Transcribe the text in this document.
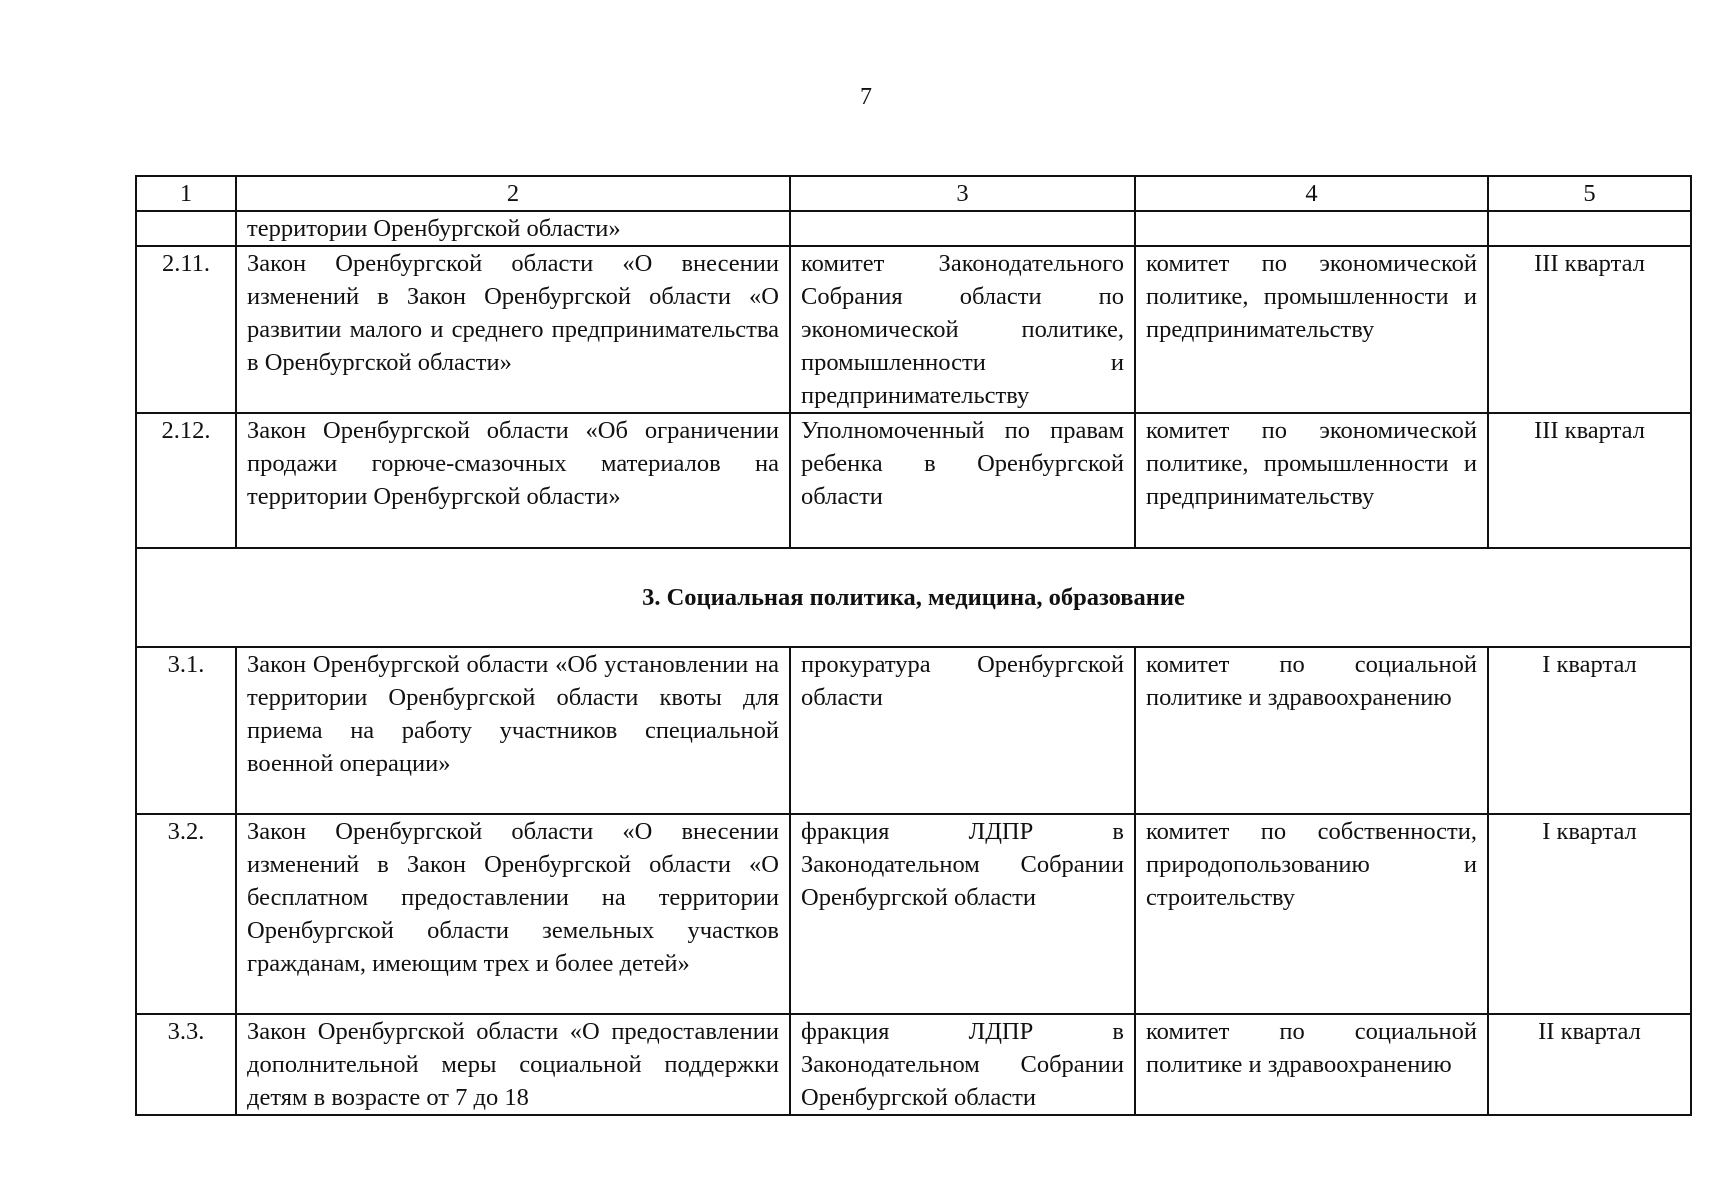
7
1	2	3	4	5
	территории Оренбургской области»			
2.11.	Закон Оренбургской области «О внесении изменений в Закон Оренбургской области «О развитии малого и среднего предпринимательства в Оренбургской области»	комитет Законодательного Собрания области по экономической политике, промышленности и предпринимательству	комитет по экономической политике, промышленности и предпринимательству	III квартал
2.12.	Закон Оренбургской области «Об ограничении продажи горюче-смазочных материалов на территории Оренбургской области»	Уполномоченный по правам ребенка в Оренбургской области	комитет по экономической политике, промышленности и предпринимательству	III квартал
3. Социальная политика, медицина, образование				
3.1.	Закон Оренбургской области «Об установлении на территории Оренбургской области квоты для приема на работу участников специальной военной операции»	прокуратура Оренбургской области	комитет по социальной политике и здравоохранению	I квартал
3.2.	Закон Оренбургской области «О внесении изменений в Закон Оренбургской области «О бесплатном предоставлении на территории Оренбургской области земельных участков гражданам, имеющим трех и более детей»	фракция ЛДПР в Законодательном Собрании Оренбургской области	комитет по собственности, природопользованию и строительству	I квартал
3.3.	Закон Оренбургской области «О предоставлении дополнительной меры социальной поддержки детям в возрасте от 7 до 18	фракция ЛДПР в Законодательном Собрании Оренбургской области	комитет по социальной политике и здравоохранению	II квартал
